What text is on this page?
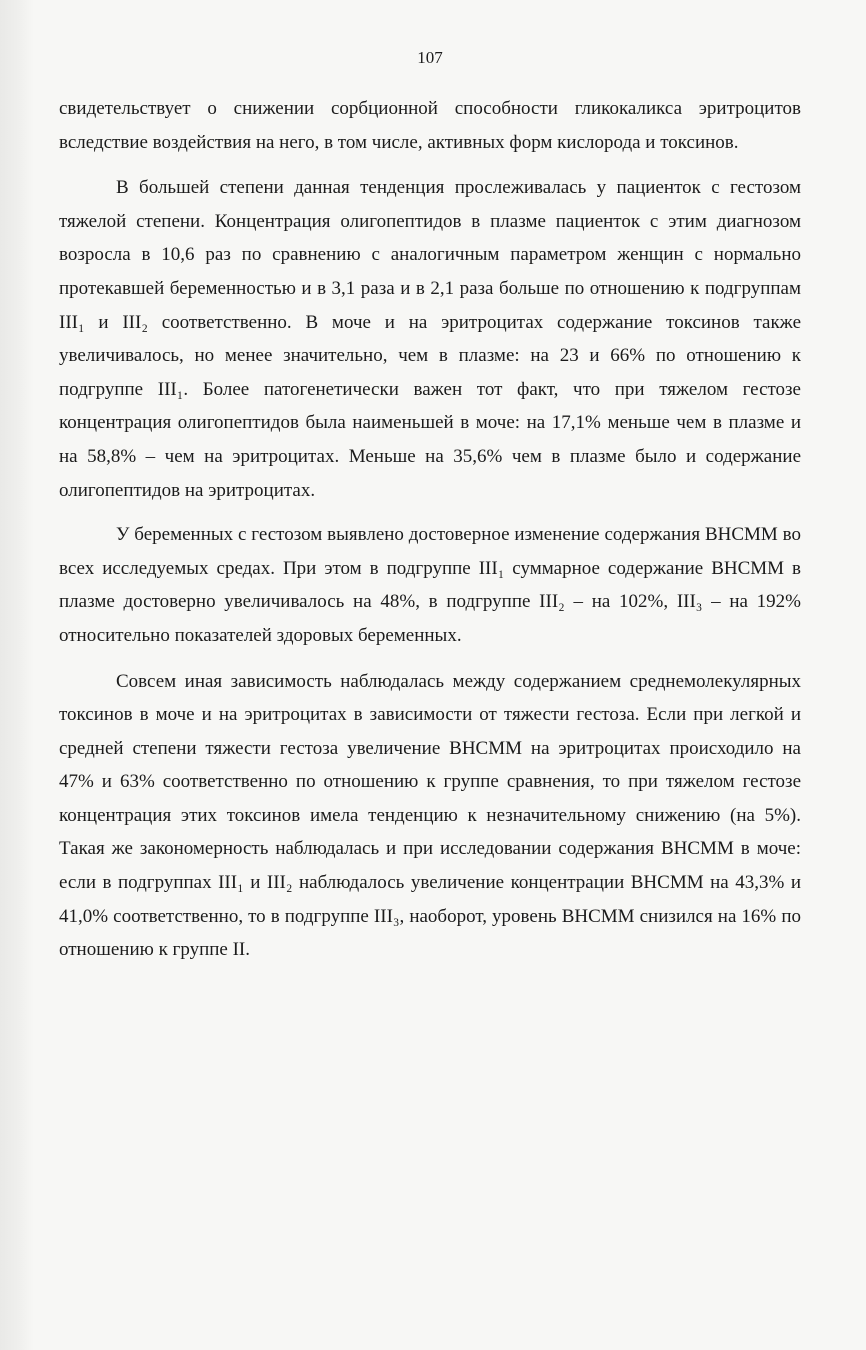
107

свидетельствует о снижении сорбционной способности гликокаликса эритроцитов вследствие воздействия на него, в том числе, активных форм кислорода и токсинов.

В большей степени данная тенденция прослеживалась у пациенток с гестозом тяжелой степени. Концентрация олигопептидов в плазме пациенток с этим диагнозом возросла в 10,6 раз по сравнению с аналогичным параметром женщин с нормально протекавшей беременностью и в 3,1 раза и в 2,1 раза больше по отношению к подгруппам III₁ и III₂ соответственно. В моче и на эритроцитах содержание токсинов также увеличивалось, но менее значительно, чем в плазме: на 23 и 66% по отношению к подгруппе III₁. Более патогенетически важен тот факт, что при тяжелом гестозе концентрация олигопептидов была наименьшей в моче: на 17,1% меньше чем в плазме и на 58,8% – чем на эритроцитах. Меньше на 35,6% чем в плазме было и содержание олигопептидов на эритроцитах.

У беременных с гестозом выявлено достоверное изменение содержания ВНСММ во всех исследуемых средах. При этом в подгруппе III₁ суммарное содержание ВНСММ в плазме достоверно увеличивалось на 48%, в подгруппе III₂ – на 102%, III₃ – на 192% относительно показателей здоровых беременных.

Совсем иная зависимость наблюдалась между содержанием среднемолекулярных токсинов в моче и на эритроцитах в зависимости от тяжести гестоза. Если при легкой и средней степени тяжести гестоза увеличение ВНСММ на эритроцитах происходило на 47% и 63% соответственно по отношению к группе сравнения, то при тяжелом гестозе концентрация этих токсинов имела тенденцию к незначительному снижению (на 5%). Такая же закономерность наблюдалась и при исследовании содержания ВНСММ в моче: если в подгруппах III₁ и III₂ наблюдалось увеличение концентрации ВНСММ на 43,3% и 41,0% соответственно, то в подгруппе III₃, наоборот, уровень ВНСММ снизился на 16% по отношению к группе II.
